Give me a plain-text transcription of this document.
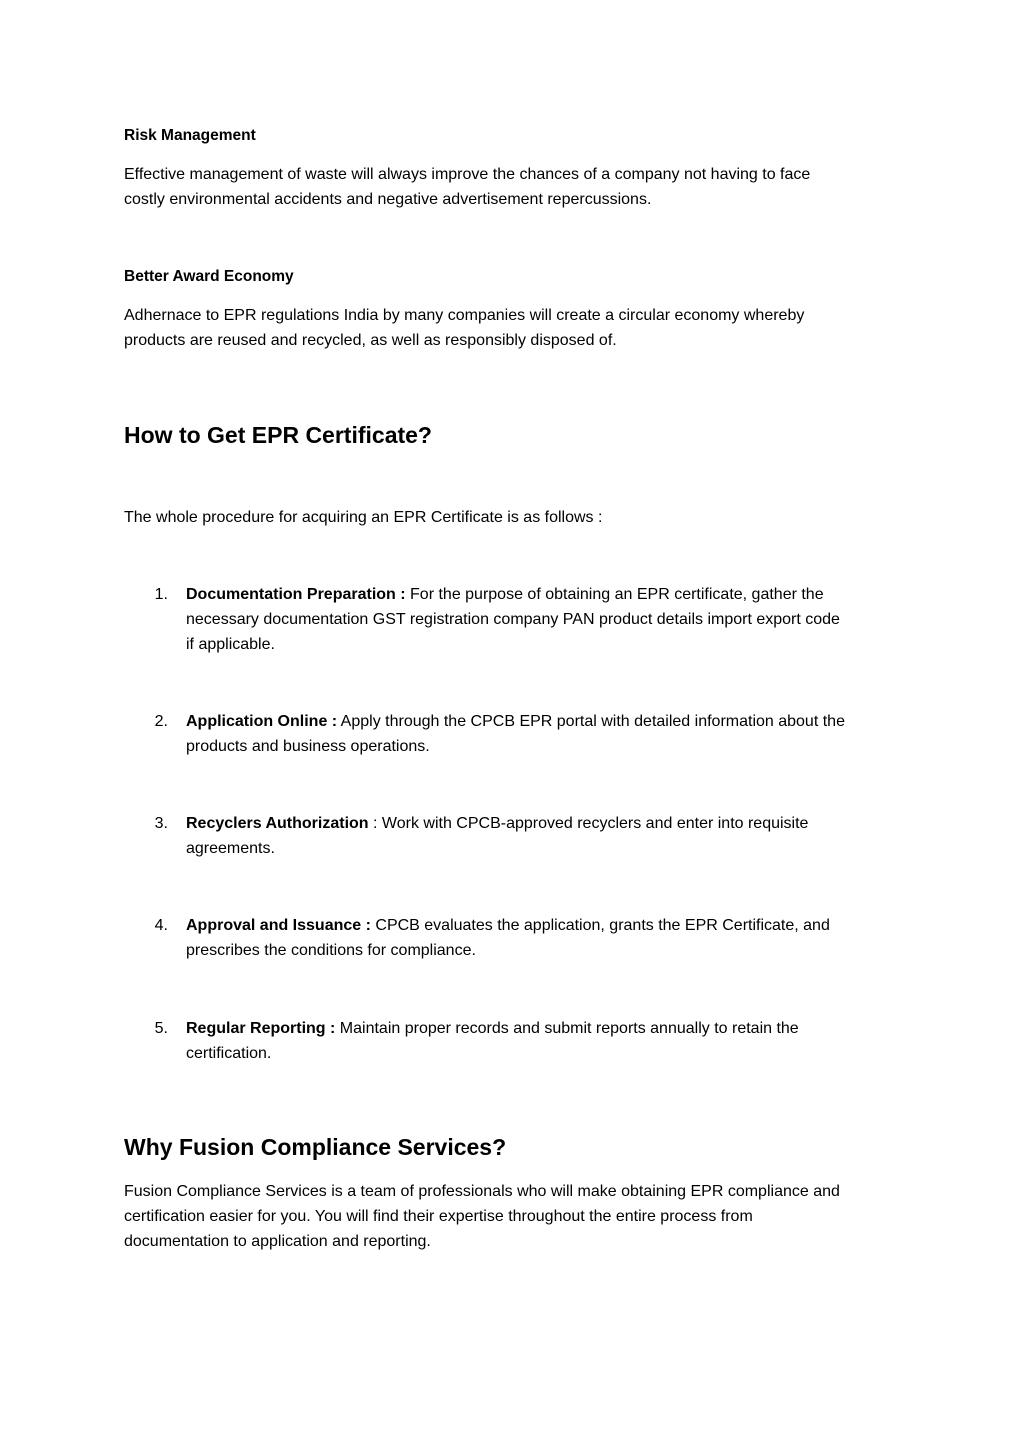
Risk Management

Effective management of waste will always improve the chances of a company not having to face

costly environmental accidents and negative advertisement repercussions.

Better Award Economy

Adhernace to EPR regulations India by many companies will create a circular economy whereby

products are reused and recycled, as well as responsibly disposed of.

How to Get EPR Certificate?

The whole procedure for acquiring an EPR Certificate is as follows :

1. Documentation Preparation : For the purpose of obtaining an EPR certificate, gather the

necessary documentation GST registration company PAN product details import export code

if applicable.

2. Application Online : Apply through the CPCB EPR portal with detailed information about the

products and business operations.

3. Recyclers Authorization : Work with CPCB-approved recyclers and enter into requisite

agreements.

4. Approval and Issuance : CPCB evaluates the application, grants the EPR Certificate, and

prescribes the conditions for compliance.

5. Regular Reporting : Maintain proper records and submit reports annually to retain the

certification.

Why Fusion Compliance Services?

Fusion Compliance Services is a team of professionals who will make obtaining EPR compliance and

certification easier for you. You will find their expertise throughout the entire process from

documentation to application and reporting.
